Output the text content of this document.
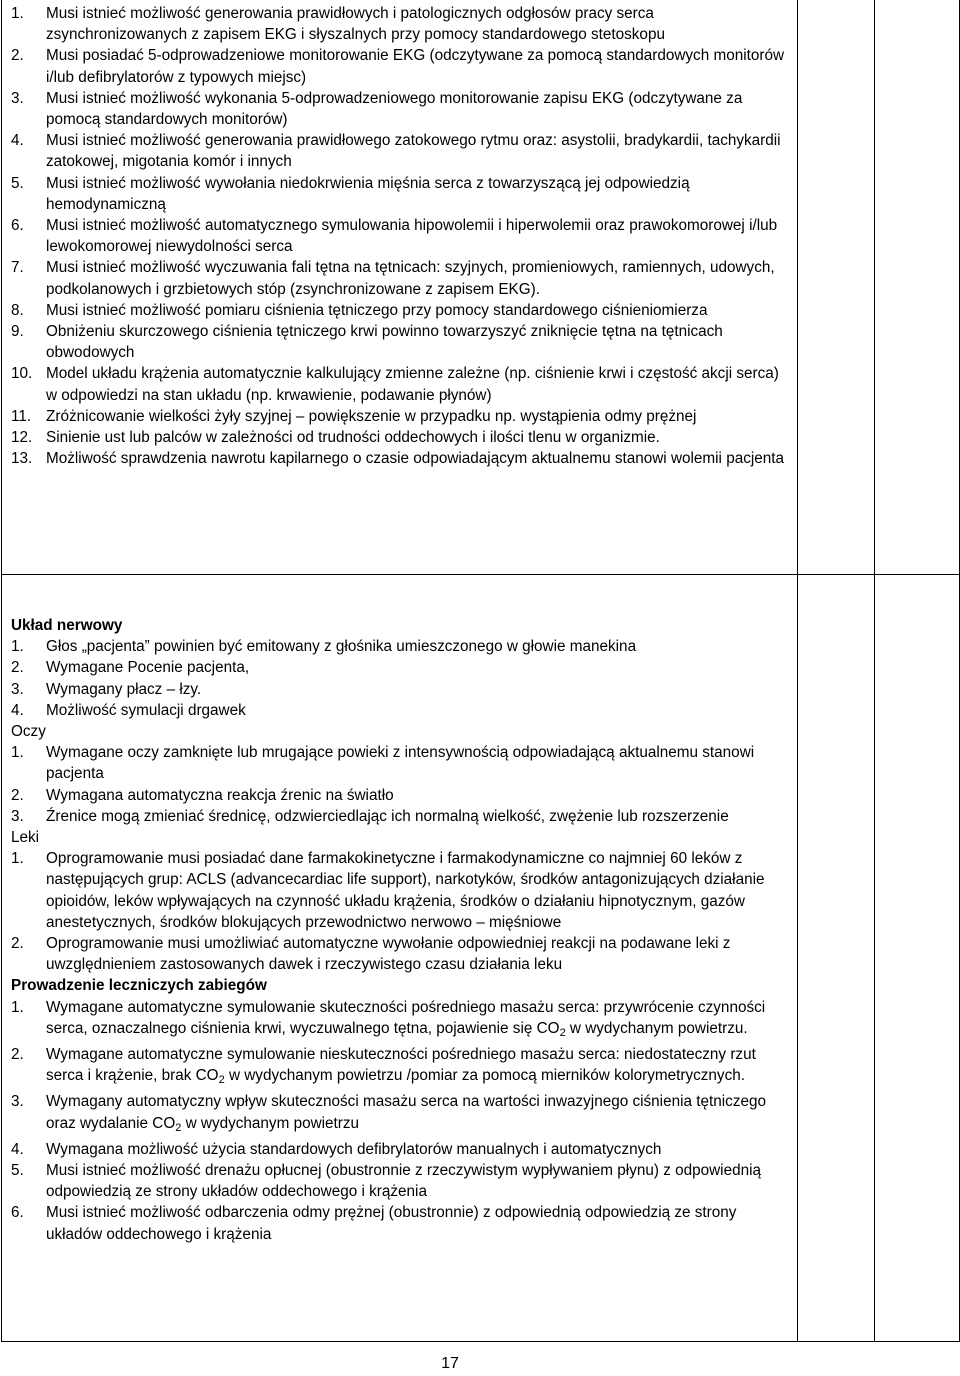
1. Musi istnieć możliwość generowania prawidłowych i patologicznych odgłosów pracy serca zsynchronizowanych z zapisem EKG i słyszalnych przy pomocy standardowego stetoskopu
2. Musi posiadać 5-odprowadzeniowe monitorowanie EKG (odczytywane za pomocą standardowych monitorów i/lub defibrylatorów z typowych miejsc)
3. Musi istnieć możliwość wykonania 5-odprowadzeniowego monitorowanie zapisu EKG (odczytywane za pomocą standardowych monitorów)
4. Musi istnieć możliwość generowania prawidłowego zatokowego rytmu oraz: asystolii, bradykardii, tachykardii zatokowej, migotania komór i innych
5. Musi istnieć możliwość wywołania niedokrwienia mięśnia serca z towarzyszącą jej odpowiedzią hemodynamiczną
6. Musi istnieć możliwość automatycznego symulowania hipowolemii i hiperwolemii oraz prawokomorowej i/lub lewokomorowej niewydolności serca
7. Musi istnieć możliwość wyczuwania fali tętna na tętnicach: szyjnych, promieniowych, ramiennych, udowych, podkolanowych i grzbietowych stóp (zsynchronizowane z zapisem EKG).
8. Musi istnieć możliwość pomiaru ciśnienia tętniczego przy pomocy standardowego ciśnieniomierza
9. Obniżeniu skurczowego ciśnienia tętniczego krwi powinno towarzyszyć zniknięcie tętna na tętnicach obwodowych
10. Model układu krążenia automatycznie kalkulujący zmienne zależne (np. ciśnienie krwi i częstość akcji serca) w odpowiedzi na stan układu (np. krwawienie, podawanie płynów)
11. Zróżnicowanie wielkości żyły szyjnej – powiększenie w przypadku np. wystąpienia odmy prężnej
12. Sinienie ust lub palców w zależności od trudności oddechowych i ilości tlenu w organizmie.
13. Możliwość sprawdzenia nawrotu kapilarnego o czasie odpowiadającym aktualnemu stanowi wolemii pacjenta
Układ nerwowy
1. Głos „pacjenta” powinien być emitowany z głośnika umieszczonego w głowie manekina
2. Wymagane Pocenie pacjenta,
3. Wymagany płacz – łzy.
4. Możliwość symulacji drgawek
Oczy
1. Wymagane oczy zamknięte lub mrugające powieki z intensywnością odpowiadającą aktualnemu stanowi pacjenta
2. Wymagana automatyczna reakcja źrenic na światło
3. Źrenice mogą zmieniać średnicę, odzwierciedlając ich normalną wielkość, zwężenie lub rozszerzenie
Leki
1. Oprogramowanie musi posiadać dane farmakokinetyczne i farmakodynamiczne co najmniej 60 leków z następujących grup: ACLS (advancecardiac life support), narkotyków, środków antagonizujących działanie opioidów, leków wpływających na czynność układu krążenia, środków o działaniu hipnotycznym, gazów anestetycznych, środków blokujących przewodnictwo nerwowo – mięśniowe
2. Oprogramowanie musi umożliwiać automatyczne wywołanie odpowiedniej reakcji na podawane leki z uwzględnieniem zastosowanych dawek i rzeczywistego czasu działania leku
Prowadzenie leczniczych zabiegów
1. Wymagane automatyczne symulowanie skuteczności pośredniego masażu serca: przywrócenie czynności serca, oznaczalnego ciśnienia krwi, wyczuwalnego tętna, pojawienie się $CO_2$ w wydychanym powietrzu.
2. Wymagane automatyczne symulowanie nieskuteczności pośredniego masażu serca: niedostateczny rzut serca i krążenie, brak $CO_2$ w wydychanym powietrzu /pomiar za pomocą mierników kolorymetrycznych.
3. Wymagany automatyczny wpływ skuteczności masażu serca na wartości inwazyjnego ciśnienia tętniczego oraz wydalanie $CO_2$ w wydychanym powietrzu
4. Wymagana możliwość użycia standardowych defibrylatorów manualnych i automatycznych
5. Musi istnieć możliwość drenażu opłucnej (obustronnie z rzeczywistym wypływaniem płynu) z odpowiednią odpowiedzią ze strony układów oddechowego i krążenia
6. Musi istnieć możliwość odbarczenia odmy prężnej (obustronnie) z odpowiednią odpowiedzią ze strony układów oddechowego i krążenia
17
